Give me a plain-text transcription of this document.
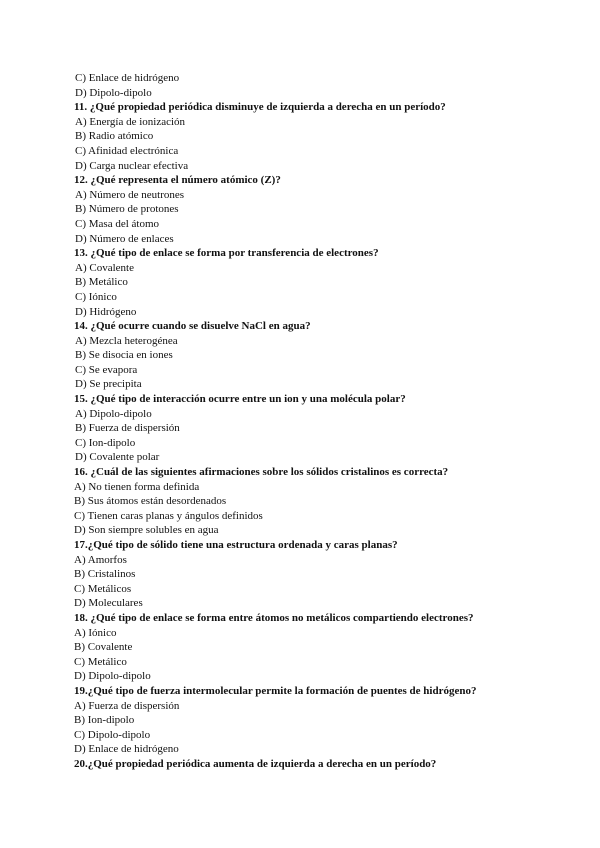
C) Enlace de hidrógeno
D) Dipolo-dipolo
11. ¿Qué propiedad periódica disminuye de izquierda a derecha en un período?
A) Energía de ionización
B) Radio atómico
C) Afinidad electrónica
D) Carga nuclear efectiva
12. ¿Qué representa el número atómico (Z)?
A) Número de neutrones
B) Número de protones
C) Masa del átomo
D) Número de enlaces
13. ¿Qué tipo de enlace se forma por transferencia de electrones?
A) Covalente
B) Metálico
C) Iónico
D) Hidrógeno
14. ¿Qué ocurre cuando se disuelve NaCl en agua?
A) Mezcla heterogénea
B) Se disocia en iones
C) Se evapora
D) Se precipita
15. ¿Qué tipo de interacción ocurre entre un ion y una molécula polar?
A) Dipolo-dipolo
B) Fuerza de dispersión
C) Ion-dipolo
D) Covalente polar
16. ¿Cuál de las siguientes afirmaciones sobre los sólidos cristalinos es correcta?
A) No tienen forma definida
B) Sus átomos están desordenados
C) Tienen caras planas y ángulos definidos
D) Son siempre solubles en agua
17.¿Qué tipo de sólido tiene una estructura ordenada y caras planas?
A) Amorfos
B) Cristalinos
C) Metálicos
D) Moleculares
18. ¿Qué tipo de enlace se forma entre átomos no metálicos compartiendo electrones?
A) Iónico
B) Covalente
C) Metálico
D) Dipolo-dipolo
19.¿Qué tipo de fuerza intermolecular permite la formación de puentes de hidrógeno?
A) Fuerza de dispersión
B) Ion-dipolo
C) Dipolo-dipolo
D) Enlace de hidrógeno
20.¿Qué propiedad periódica aumenta de izquierda a derecha en un período?
